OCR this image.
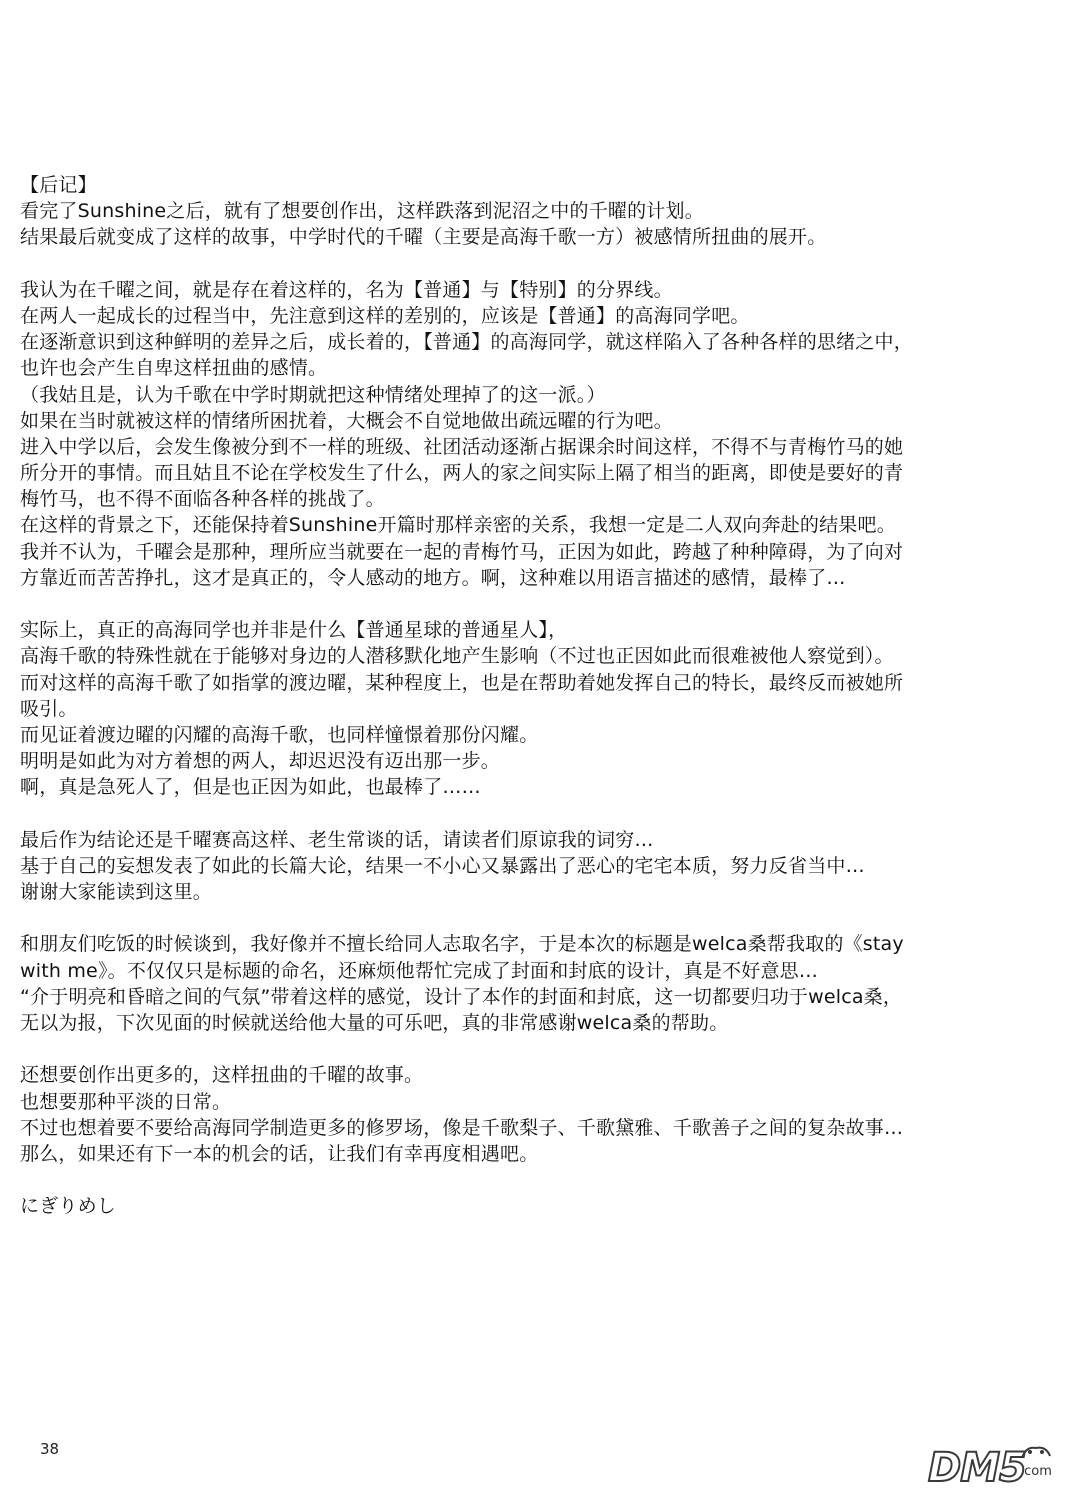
【后记】
看完了Sunshine之后，就有了想要创作出，这样跌落到泥沼之中的千曜的计划。
结果最后就变成了这样的故事，中学时代的千曜（主要是高海千歌一方）被感情所扭曲的展开。
我认为在千曜之间，就是存在着这样的，名为【普通】与【特别】的分界线。
在两人一起成长的过程当中，先注意到这样的差别的，应该是【普通】的高海同学吧。
在逐渐意识到这种鲜明的差异之后，成长着的，【普通】的高海同学，就这样陷入了各种各样的思绪之中，
也许也会产生自卑这样扭曲的感情。
（我姑且是，认为千歌在中学时期就把这种情绪处理掉了的这一派。）
如果在当时就被这样的情绪所困扰着，大概会不自觉地做出疏远曜的行为吧。
进入中学以后，会发生像被分到不一样的班级、社团活动逐渐占据课余时间这样，不得不与青梅竹马的她
所分开的事情。而且姑且不论在学校发生了什么，两人的家之间实际上隔了相当的距离，即使是要好的青
梅竹马，也不得不面临各种各样的挑战了。
在这样的背景之下，还能保持着Sunshine开篇时那样亲密的关系，我想一定是二人双向奔赴的结果吧。
我并不认为，千曜会是那种，理所应当就要在一起的青梅竹马，正因为如此，跨越了种种障碍，为了向对
方靠近而苦苦挣扎，这才是真正的，令人感动的地方。啊，这种难以用语言描述的感情，最棒了…
实际上，真正的高海同学也并非是什么【普通星球的普通星人】，
高海千歌的特殊性就在于能够对身边的人潜移默化地产生影响（不过也正因如此而很难被他人察觉到）。
而对这样的高海千歌了如指掌的渡边曜，某种程度上，也是在帮助着她发挥自己的特长，最终反而被她所
吸引。
而见证着渡边曜的闪耀的高海千歌，也同样憧憬着那份闪耀。
明明是如此为对方着想的两人，却迟迟没有迈出那一步。
啊，真是急死人了，但是也正因为如此，也最棒了……
最后作为结论还是千曜赛高这样、老生常谈的话，请读者们原谅我的词穷…
基于自己的妄想发表了如此的长篇大论，结果一不小心又暴露出了恶心的宅宅本质，努力反省当中…
谢谢大家能读到这里。
和朋友们吃饭的时候谈到，我好像并不擅长给同人志取名字，于是本次的标题是welca桑帮我取的《stay
with me》。不仅仅只是标题的命名，还麻烦他帮忙完成了封面和封底的设计，真是不好意思…
“介于明亮和昏暗之间的气氛”带着这样的感觉，设计了本作的封面和封底，这一切都要归功于welca桑，
无以为报，下次见面的时候就送给他大量的可乐吧，真的非常感谢welca桑的帮助。
还想要创作出更多的，这样扭曲的千曜的故事。
也想要那种平淡的日常。
不过也想着要不要给高海同学制造更多的修罗场，像是千歌梨子、千歌黛雅、千歌善子之间的复杂故事…
那么，如果还有下一本的机会的话，让我们有幸再度相遇吧。
にぎりめし
38	DM5
.com
